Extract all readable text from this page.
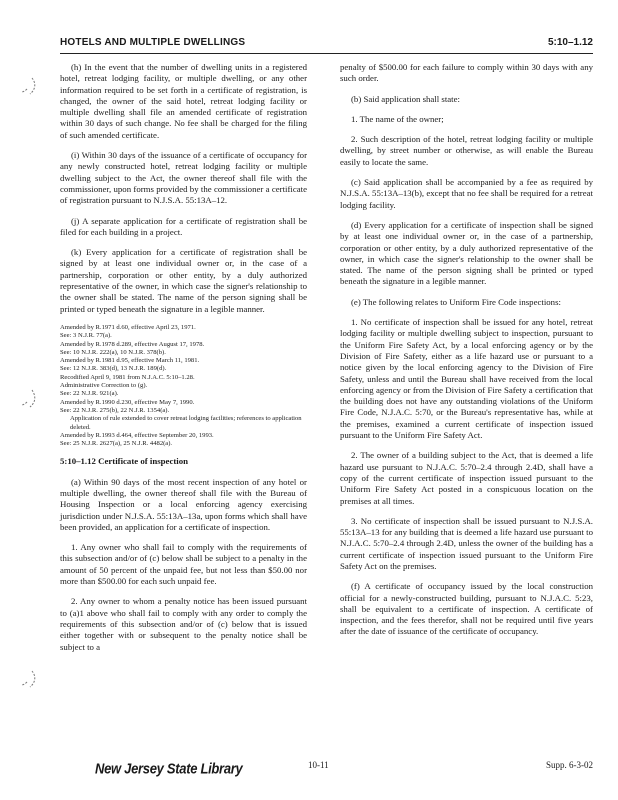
HOTELS AND MULTIPLE DWELLINGS	5:10–1.12

(h) In the event that the number of dwelling units in a registered hotel, retreat lodging facility, or multiple dwelling, or any other information required to be set forth in a certificate of registration, is changed, the owner of the said hotel, retreat lodging facility or multiple dwelling shall file an amended certificate of registration within 30 days of such change. No fee shall be charged for the filing of such amended certificate.

(i) Within 30 days of the issuance of a certificate of occupancy for any newly constructed hotel, retreat lodging facility or multiple dwelling subject to the Act, the owner thereof shall file with the commissioner, upon forms provided by the commissioner a certificate of registration pursuant to N.J.S.A. 55:13A–12.

(j) A separate application for a certificate of registration shall be filed for each building in a project.

(k) Every application for a certificate of registration shall be signed by at least one individual owner or, in the case of a partnership, corporation or other entity, by a duly authorized representative of the owner, in which case the signer's relationship to the owner shall be stated. The name of the person signing shall be printed or typed beneath the signature in a legible manner.

Amended by R.1971 d.60, effective April 23, 1971.
See: 3 N.J.R. 77(a).
Amended by R.1978 d.289, effective August 17, 1978.
See: 10 N.J.R. 222(a), 10 N.J.R. 378(b).
Amended by R.1981 d.95, effective March 11, 1981.
See: 12 N.J.R. 383(d), 13 N.J.R. 189(d).
Recodified April 9, 1981 from N.J.A.C. 5:10–1.28.
Administrative Correction to (g).
See: 22 N.J.R. 921(a).
Amended by R.1990 d.230, effective May 7, 1990.
See: 22 N.J.R. 275(b), 22 N.J.R. 1354(a).
Application of rule extended to cover retreat lodging facilities; references to application deleted.
Amended by R.1993 d.464, effective September 20, 1993.
See: 25 N.J.R. 2627(a), 25 N.J.R. 4482(a).

5:10–1.12 Certificate of inspection

(a) Within 90 days of the most recent inspection of any hotel or multiple dwelling, the owner thereof shall file with the Bureau of Housing Inspection or a local enforcing agency exercising jurisdiction under N.J.S.A. 55:13A–13a, upon forms which shall have been provided, an application for a certificate of inspection.

1. Any owner who shall fail to comply with the requirements of this subsection and/or of (c) below shall be subject to a penalty in the amount of 50 percent of the unpaid fee, but not less than $50.00 nor more than $500.00 for each such unpaid fee.

2. Any owner to whom a penalty notice has been issued pursuant to (a)1 above who shall fail to comply with any order to comply the requirements of this subsection and/or of (c) below that is issued either together with or subsequent to the penalty notice shall be subject to a

penalty of $500.00 for each failure to comply within 30 days with any such order.

(b) Said application shall state:

1. The name of the owner;

2. Such description of the hotel, retreat lodging facility or multiple dwelling, by street number or otherwise, as will enable the Bureau easily to locate the same.

(c) Said application shall be accompanied by a fee as required by N.J.S.A. 55:13A–13(b), except that no fee shall be required for a retreat lodging facility.

(d) Every application for a certificate of inspection shall be signed by at least one individual owner or, in the case of a partnership, corporation or other entity, by a duly authorized representative of the owner, in which case the signer's relationship to the owner shall be stated. The name of the person signing shall be printed or typed beneath the signature in a legible manner.

(e) The following relates to Uniform Fire Code inspections:

1. No certificate of inspection shall be issued for any hotel, retreat lodging facility or multiple dwelling subject to inspection, pursuant to the Uniform Fire Safety Act, by a local enforcing agency or by the Division of Fire Safety, either as a life hazard use or pursuant to a notice given by the local enforcing agency to the Division of Fire Safety, unless and until the Bureau shall have received from the local enforcing agency or from the Division of Fire Safety a certification that the building does not have any outstanding violations of the Uniform Fire Code, N.J.A.C. 5:70, or the Bureau's representative has, while at the premises, examined a current certificate of inspection issued pursuant to the Uniform Fire Safety Act.

2. The owner of a building subject to the Act, that is deemed a life hazard use pursuant to N.J.A.C. 5:70–2.4 through 2.4D, shall have a copy of the current certificate of inspection issued pursuant to the Uniform Fire Safety Act posted in a conspicuous location on the premises at all times.

3. No certificate of inspection shall be issued pursuant to N.J.S.A. 55:13A–13 for any building that is deemed a life hazard use pursuant to N.J.A.C. 5:70–2.4 through 2.4D, unless the owner of the building has a current certificate of inspection issued pursuant to the Uniform Fire Safety Act on the premises.

(f) A certificate of occupancy issued by the local construction official for a newly-constructed building, pursuant to N.J.A.C. 5:23, shall be equivalent to a certificate of inspection. A certificate of inspection, and the fees therefor, shall not be required until five years after the date of issuance of the certificate of occupancy.

New Jersey State Library	10-11	Supp. 6-3-02
